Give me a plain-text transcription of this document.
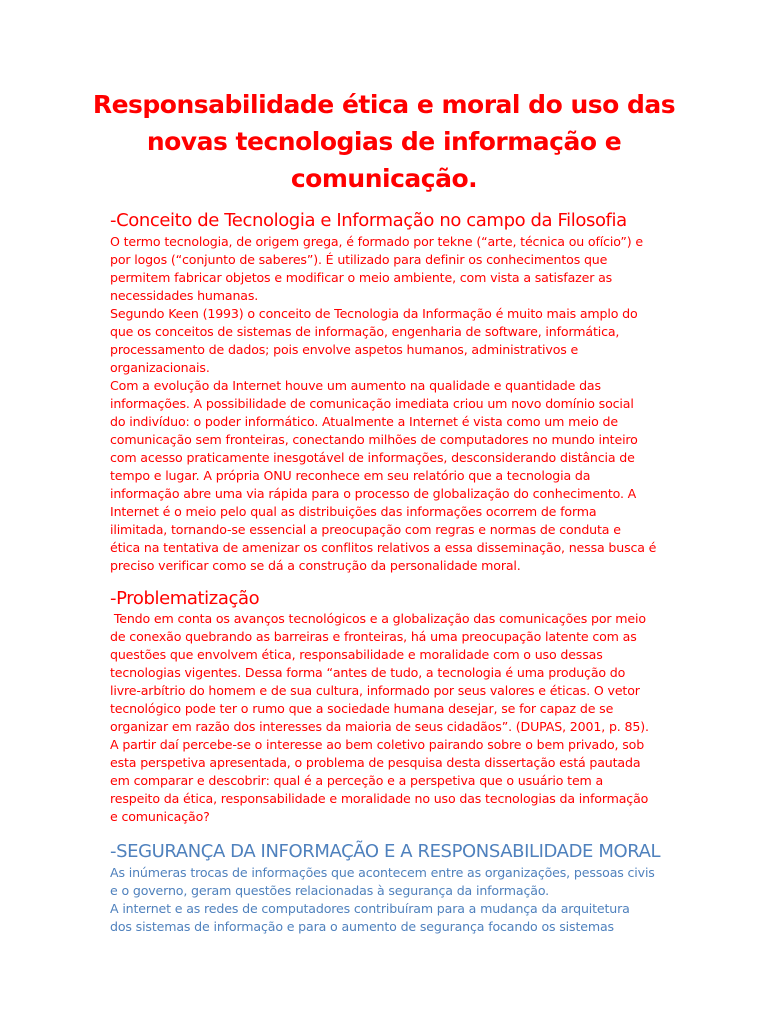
Responsabilidade ética e moral do uso das
novas tecnologias de informação e
comunicação.
-Conceito de Tecnologia e Informação no campo da Filosofia
O termo tecnologia, de origem grega, é formado por tekne (“arte, técnica ou ofício”) e
por logos (“conjunto de saberes”). É utilizado para definir os conhecimentos que
permitem fabricar objetos e modificar o meio ambiente, com vista a satisfazer as
necessidades humanas.
Segundo Keen (1993) o conceito de Tecnologia da Informação é muito mais amplo do
que os conceitos de sistemas de informação, engenharia de software, informática,
processamento de dados; pois envolve aspetos humanos, administrativos e
organizacionais.
Com a evolução da Internet houve um aumento na qualidade e quantidade das
informações. A possibilidade de comunicação imediata criou um novo domínio social
do indivíduo: o poder informático. Atualmente a Internet é vista como um meio de
comunicação sem fronteiras, conectando milhões de computadores no mundo inteiro
com acesso praticamente inesgotável de informações, desconsiderando distância de
tempo e lugar. A própria ONU reconhece em seu relatório que a tecnologia da
informação abre uma via rápida para o processo de globalização do conhecimento. A
Internet é o meio pelo qual as distribuições das informações ocorrem de forma
ilimitada, tornando-se essencial a preocupação com regras e normas de conduta e
ética na tentativa de amenizar os conflitos relativos a essa disseminação, nessa busca é
preciso verificar como se dá a construção da personalidade moral.
-Problematização
Tendo em conta os avanços tecnológicos e a globalização das comunicações por meio
de conexão quebrando as barreiras e fronteiras, há uma preocupação latente com as
questões que envolvem ética, responsabilidade e moralidade com o uso dessas
tecnologias vigentes. Dessa forma “antes de tudo, a tecnologia é uma produção do
livre-arbítrio do homem e de sua cultura, informado por seus valores e éticas. O vetor
tecnológico pode ter o rumo que a sociedade humana desejar, se for capaz de se
organizar em razão dos interesses da maioria de seus cidadãos”. (DUPAS, 2001, p. 85).
A partir daí percebe-se o interesse ao bem coletivo pairando sobre o bem privado, sob
esta perspetiva apresentada, o problema de pesquisa desta dissertação está pautada
em comparar e descobrir: qual é a perceção e a perspetiva que o usuário tem a
respeito da ética, responsabilidade e moralidade no uso das tecnologias da informação
e comunicação?
-SEGURANÇA DA INFORMAÇÃO E A RESPONSABILIDADE MORAL
As inúmeras trocas de informações que acontecem entre as organizações, pessoas civis
e o governo, geram questões relacionadas à segurança da informação.
A internet e as redes de computadores contribuíram para a mudança da arquitetura
dos sistemas de informação e para o aumento de segurança focando os sistemas
